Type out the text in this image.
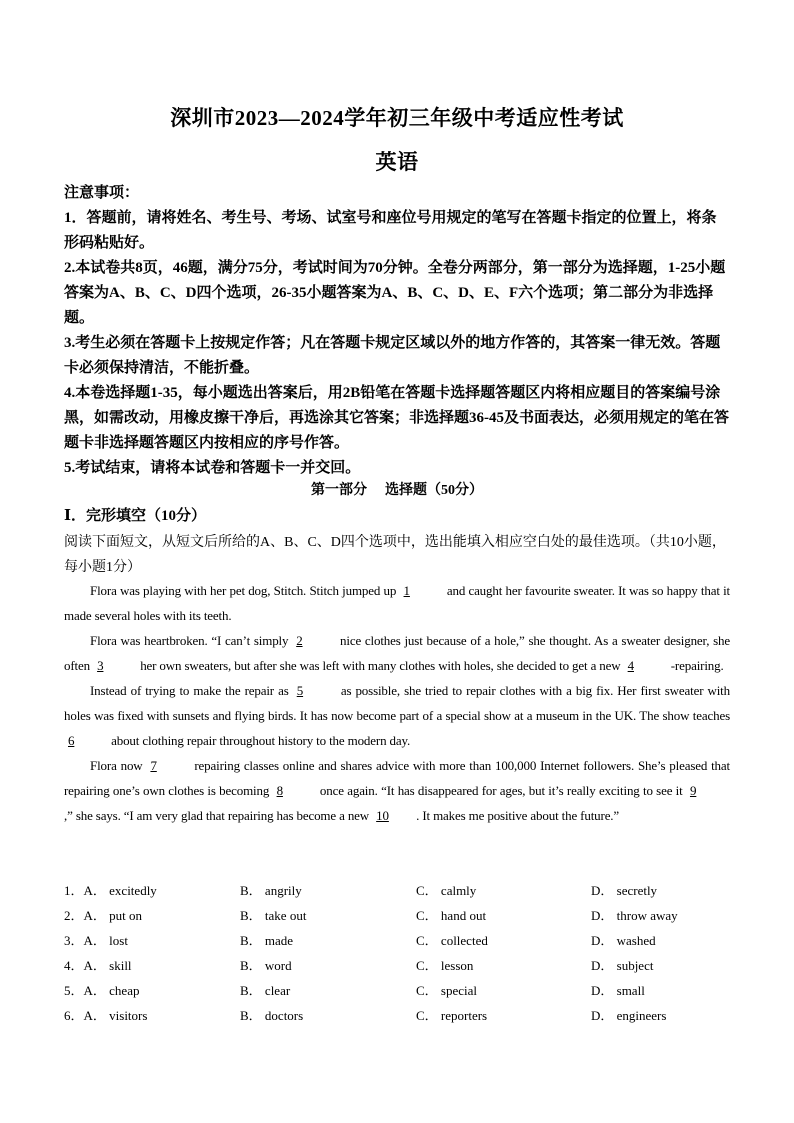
深圳市2023—2024学年初三年级中考适应性考试
英语

注意事项：

1．答题前，请将姓名、考生号、考场、试室号和座位号用规定的笔写在答题卡指定的位置上，将条形码粘贴好。

2.本试卷共8页，46题，满分75分，考试时间为70分钟。全卷分两部分，第一部分为选择题，1-25小题答案为A、B、C、D四个选项，26-35小题答案为A、B、C、D、E、F六个选项；第二部分为非选择题。

3.考生必须在答题卡上按规定作答；凡在答题卡规定区域以外的地方作答的，其答案一律无效。答题卡必须保持清洁，不能折叠。

4.本卷选择题1-35，每小题选出答案后，用2B铅笔在答题卡选择题答题区内将相应题目的答案编号涂黑，如需改动，用橡皮擦干净后，再选涂其它答案；非选择题36-45及书面表达，必须用规定的笔在答题卡非选择题答题区内按相应的序号作答。

5.考试结束，请将本试卷和答题卡一并交回。

第一部分 选择题（50分）
Ⅰ．完形填空（10分）
阅读下面短文，从短文后所给的A、B、C、D四个选项中，选出能填入相应空白处的最佳选项。（共10小题，每小题1分）

Flora was playing with her pet dog, Stitch. Stitch jumped up 1	and caught her favourite sweater. It was so happy that it made several holes with its teeth.

Flora was heartbroken. “I can’t simply 2	nice clothes just because of a hole,” she thought. As a sweater designer, she often 3	her own sweaters, but after she was left with many clothes with holes, she decided to get a new 4	-repairing.

Instead of trying to make the repair as 5	as possible, she tried to repair clothes with a big fix. Her first sweater with holes was fixed with sunsets and flying birds. It has now become part of a special show at a museum in the UK. The show teaches 6	about clothing repair throughout history to the modern day.

Flora now 7	repairing classes online and shares advice with more than 100,000 Internet followers. She’s pleased that repairing one’s own clothes is becoming 8	once again. “It has disappeared for ages, but it’s really exciting to see it 9,” she says. “I am very glad that repairing has become a new 10 . It makes me positive about the future.”

1．A． excitedly	B． angrily	C． calmly	D． secretly
2．A． put on	B． take out	C． hand out	D． throw away
3．A． lost	B． made	C． collected	D． washed
4．A． skill	B． word	C． lesson	D． subject
5．A． cheap	B． clear	C． special	D． small
6．A． visitors	B． doctors	C． reporters	D． engineers
